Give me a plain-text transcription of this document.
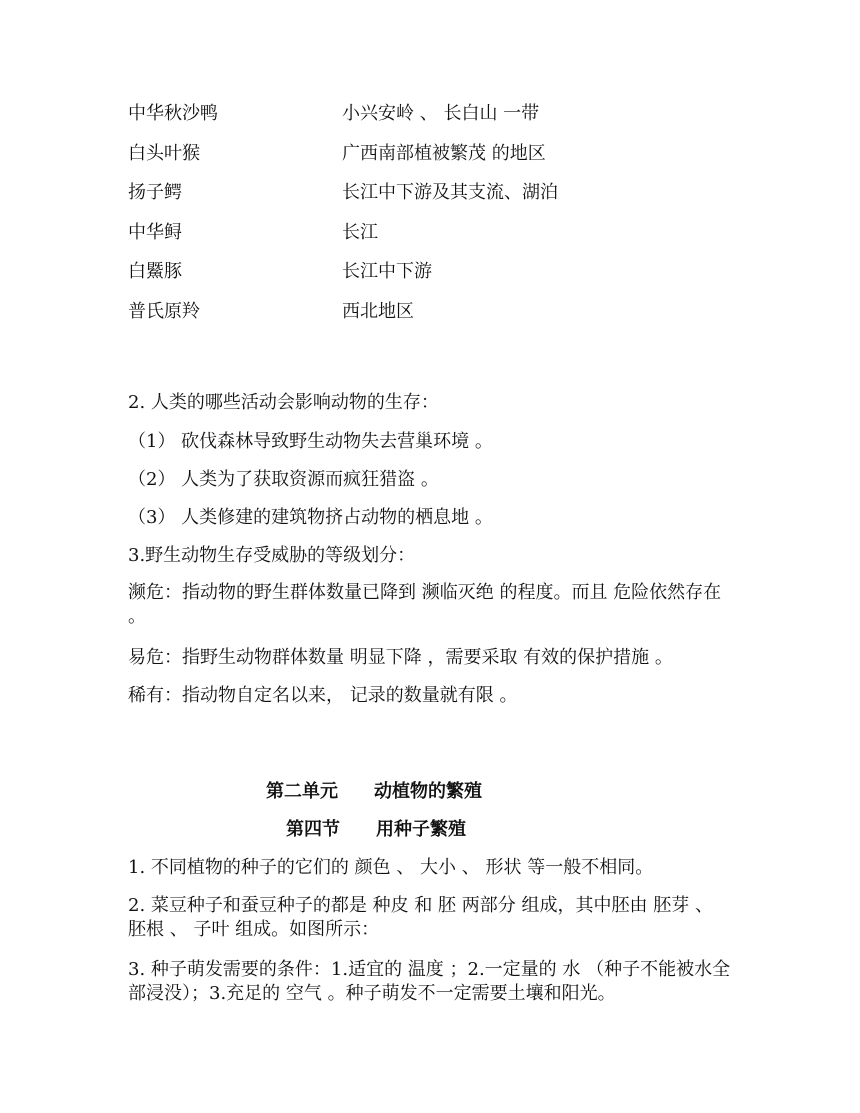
中华秋沙鸭	小兴安岭 、 长白山 一带
白头叶猴	广西南部植被繁茂 的地区
扬子鳄	长江中下游及其支流、湖泊
中华鲟	长江
白鱀豚	长江中下游
普氏原羚	西北地区
2. 人类的哪些活动会影响动物的生存：
（1） 砍伐森林导致野生动物失去营巢环境 。
（2） 人类为了获取资源而疯狂猎盗 。
（3） 人类修建的建筑物挤占动物的栖息地 。
3.野生动物生存受威胁的等级划分：
濒危：指动物的野生群体数量已降到 濒临灭绝 的程度。而且 危险依然存在 。
易危：指野生动物群体数量 明显下降 ，需要采取 有效的保护措施 。
稀有：指动物自定名以来， 记录的数量就有限 。
第二单元　　动植物的繁殖
第四节　　用种子繁殖
1. 不同植物的种子的它们的 颜色 、 大小 、 形状 等一般不相同。
2. 菜豆种子和蚕豆种子的都是 种皮 和 胚 两部分 组成，其中胚由 胚芽 、 胚根 、 子叶 组成。如图所示：
3. 种子萌发需要的条件：1.适宜的 温度 ；2.一定量的 水 （种子不能被水全部浸没）；3.充足的 空气 。种子萌发不一定需要土壤和阳光。
